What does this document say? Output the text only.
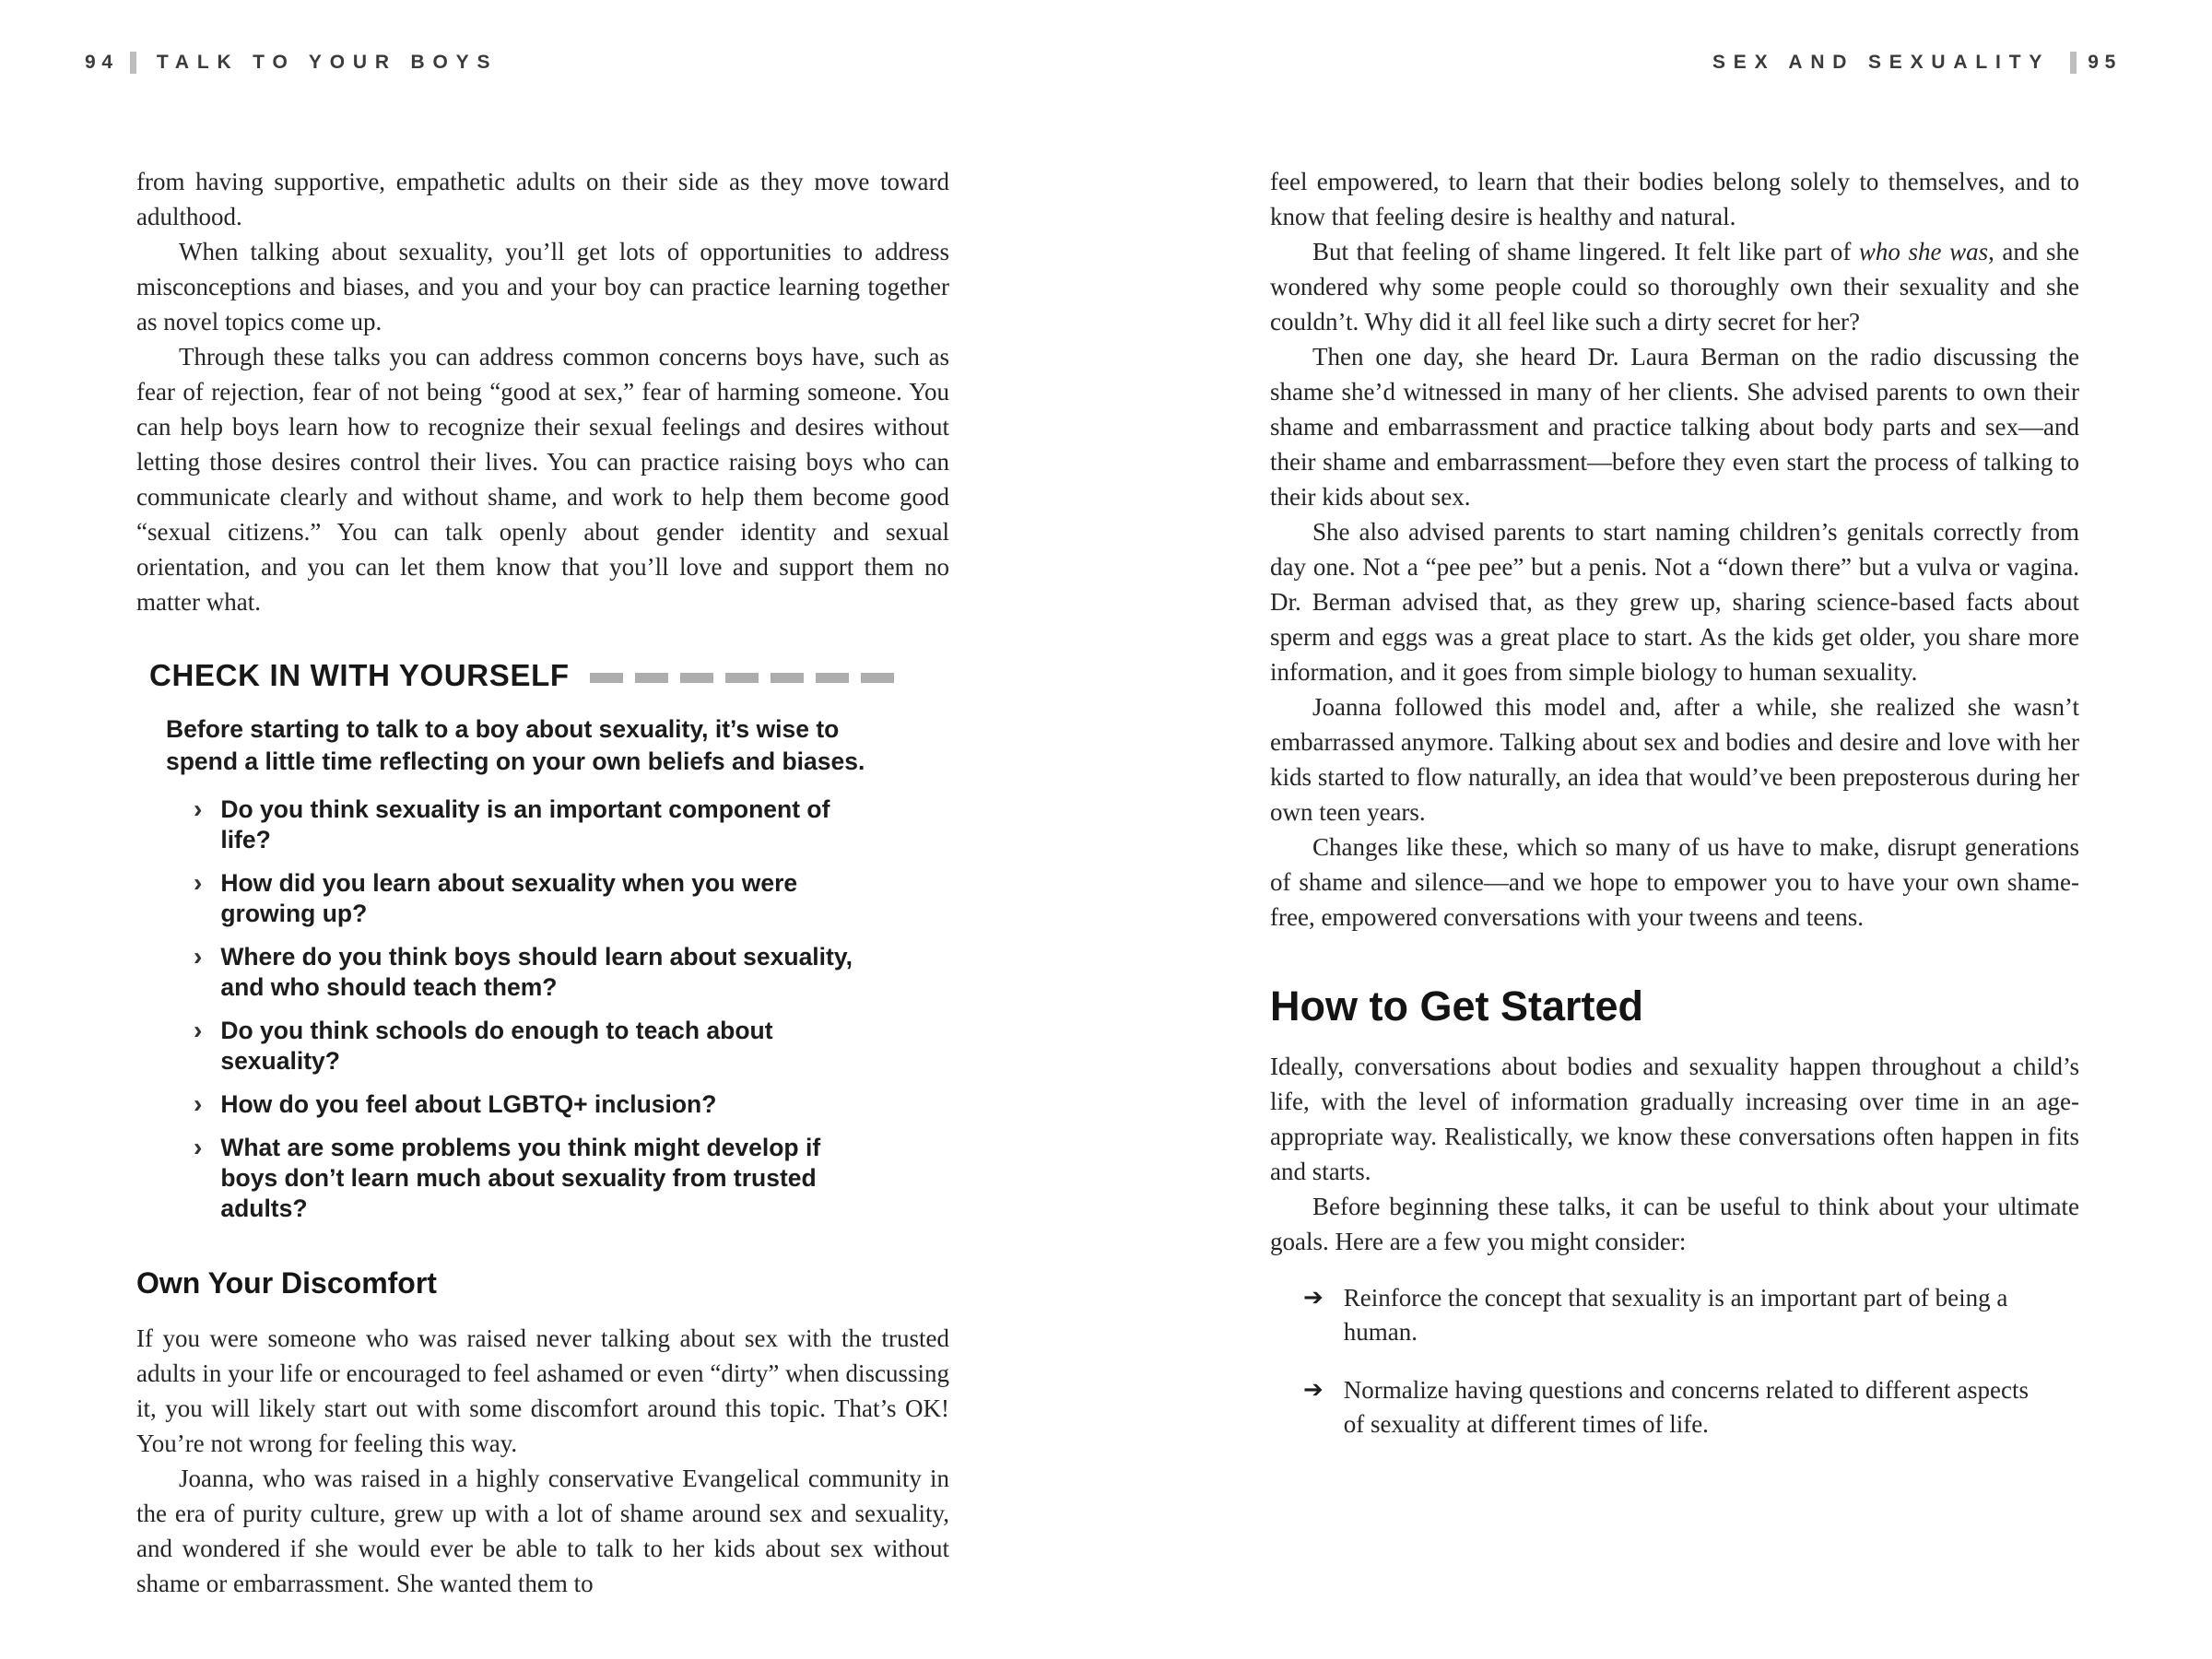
94 TALK TO YOUR BOYS

from having supportive, empathetic adults on their side as they move toward adulthood.

When talking about sexuality, you’ll get lots of opportunities to address misconceptions and biases, and you and your boy can practice learning together as novel topics come up.

Through these talks you can address common concerns boys have, such as fear of rejection, fear of not being “good at sex,” fear of harming someone. You can help boys learn how to recognize their sexual feelings and desires without letting those desires control their lives. You can practice raising boys who can communicate clearly and without shame, and work to help them become good “sexual citizens.” You can talk openly about gender identity and sexual orientation, and you can let them know that you’ll love and support them no matter what.

CHECK IN WITH YOURSELF
Before starting to talk to a boy about sexuality, it’s wise to spend a little time reflecting on your own beliefs and biases.
› Do you think sexuality is an important component of life?
› How did you learn about sexuality when you were growing up?
› Where do you think boys should learn about sexuality, and who should teach them?
› Do you think schools do enough to teach about sexuality?
› How do you feel about LGBTQ+ inclusion?
› What are some problems you think might develop if boys don’t learn much about sexuality from trusted adults?
Own Your Discomfort

If you were someone who was raised never talking about sex with the trusted adults in your life or encouraged to feel ashamed or even “dirty” when discussing it, you will likely start out with some discomfort around this topic. That’s OK! You’re not wrong for feeling this way.

Joanna, who was raised in a highly conservative Evangelical community in the era of purity culture, grew up with a lot of shame around sex and sexuality, and wondered if she would ever be able to talk to her kids about sex without shame or embarrassment. She wanted them to

SEX AND SEXUALITY 95

feel empowered, to learn that their bodies belong solely to themselves, and to know that feeling desire is healthy and natural.

But that feeling of shame lingered. It felt like part of who she was, and she wondered why some people could so thoroughly own their sexuality and she couldn’t. Why did it all feel like such a dirty secret for her?

Then one day, she heard Dr. Laura Berman on the radio discussing the shame she’d witnessed in many of her clients. She advised parents to own their shame and embarrassment and practice talking about body parts and sex—and their shame and embarrassment—before they even start the process of talking to their kids about sex.

She also advised parents to start naming children’s genitals correctly from day one. Not a “pee pee” but a penis. Not a “down there” but a vulva or vagina. Dr. Berman advised that, as they grew up, sharing science-based facts about sperm and eggs was a great place to start. As the kids get older, you share more information, and it goes from simple biology to human sexuality.

Joanna followed this model and, after a while, she realized she wasn’t embarrassed anymore. Talking about sex and bodies and desire and love with her kids started to flow naturally, an idea that would’ve been preposterous during her own teen years.

Changes like these, which so many of us have to make, disrupt generations of shame and silence—and we hope to empower you to have your own shame-free, empowered conversations with your tweens and teens.

How to Get Started

Ideally, conversations about bodies and sexuality happen throughout a child’s life, with the level of information gradually increasing over time in an age-appropriate way. Realistically, we know these conversations often happen in fits and starts.

Before beginning these talks, it can be useful to think about your ultimate goals. Here are a few you might consider:

➔ Reinforce the concept that sexuality is an important part of being a human.
➔ Normalize having questions and concerns related to different aspects of sexuality at different times of life.
